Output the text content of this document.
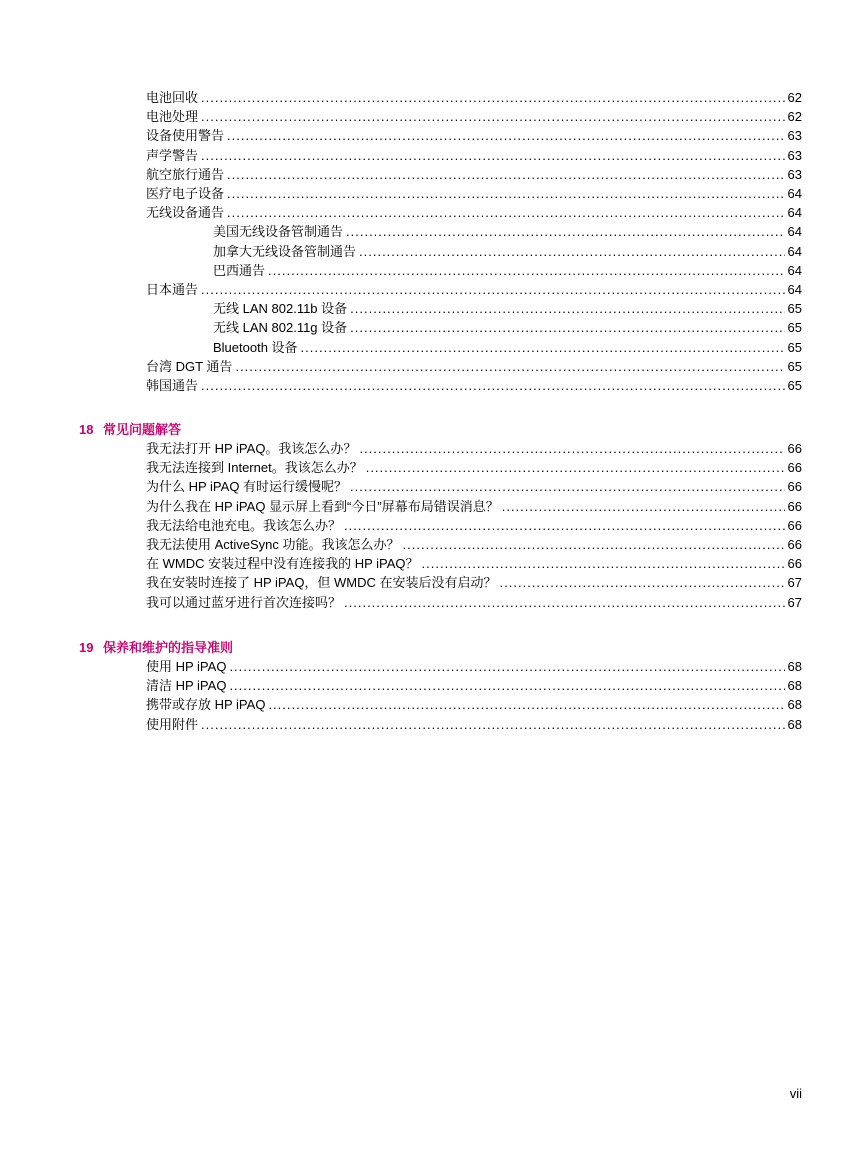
电池回收 .....	62
电池处理 .....	62
设备使用警告 .....	63
声学警告 .....	63
航空旅行通告 .....	63
医疗电子设备 .....	64
无线设备通告 .....	64
美国无线设备管制通告 .....	64
加拿大无线设备管制通告 .....	64
巴西通告 .....	64
日本通告 .....	64
无线 LAN 802.11b 设备 .....	65
无线 LAN 802.11g 设备 .....	65
Bluetooth 设备 .....	65
台湾 DGT 通告 .....	65
韩国通告 .....	65
18 常见问题解答
我无法打开 HP iPAQ。我该怎么办？ .....	66
我无法连接到 Internet。我该怎么办？ .....	66
为什么 HP iPAQ 有时运行缓慢呢？ .....	66
为什么我在 HP iPAQ 显示屏上看到“今日”屏幕布局错误消息？ .....	66
我无法给电池充电。我该怎么办？ .....	66
我无法使用 ActiveSync 功能。我该怎么办？ .....	66
在 WMDC 安装过程中没有连接我的 HP iPAQ？ .....	66
我在安装时连接了 HP iPAQ，但 WMDC 在安装后没有启动？ .....	67
我可以通过蓝牙进行首次连接吗？ .....	67
19 保养和维护的指导准则
使用 HP iPAQ .....	68
清洁 HP iPAQ .....	68
携带或存放 HP iPAQ .....	68
使用附件 .....	68
vii
